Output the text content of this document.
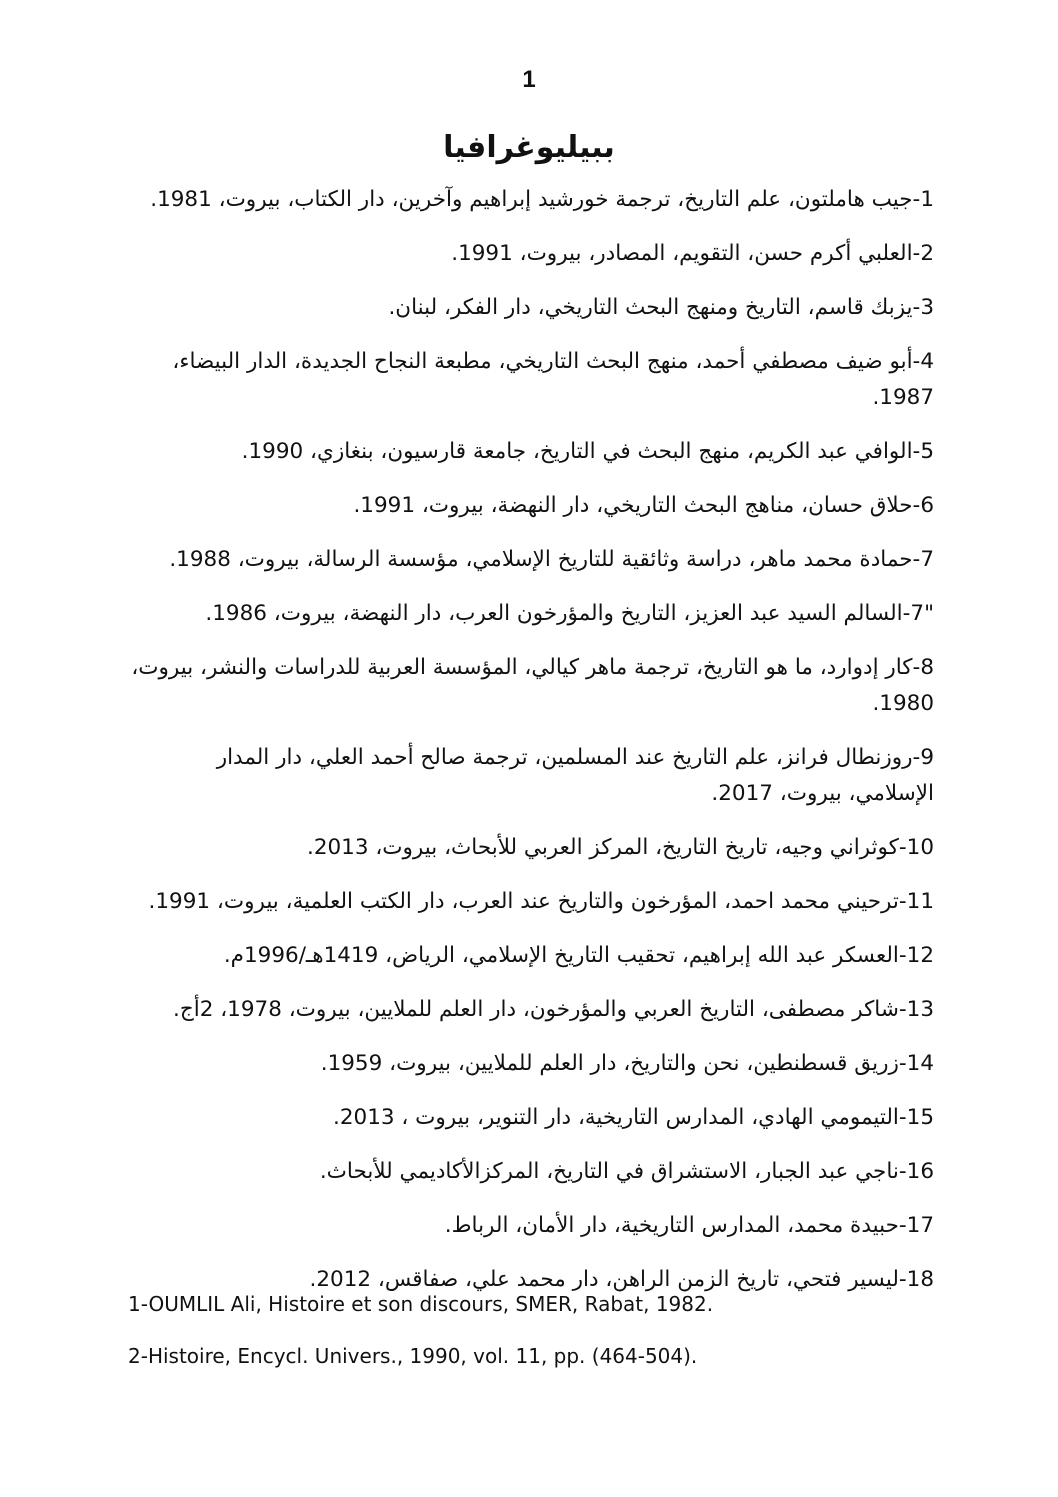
1
ببيليوغرافيا
1-جيب هاملتون، علم التاريخ، ترجمة خورشيد إبراهيم وآخرين، دار الكتاب، بيروت، 1981.
2-العلبي أكرم حسن، التقويم، المصادر، بيروت، 1991.
3-يزبك قاسم، التاريخ ومنهج البحث التاريخي، دار الفكر، لبنان.
4-أبو ضيف مصطفي أحمد، منهج البحث التاريخي، مطبعة النجاح الجديدة، الدار البيضاء، 1987.
5-الوافي عبد الكريم، منهج البحث في التاريخ، جامعة قارسيون، بنغازي، 1990.
6-حلاق حسان، مناهج البحث التاريخي، دار النهضة، بيروت، 1991.
7-حمادة محمد ماهر، دراسة وثائقية للتاريخ الإسلامي، مؤسسة الرسالة، بيروت، 1988.
"7-السالم السيد عبد العزيز، التاريخ والمؤرخون العرب، دار النهضة، بيروت، 1986.
8-كار إدوارد، ما هو التاريخ، ترجمة ماهر كيالي، المؤسسة العربية للدراسات والنشر، بيروت، 1980.
9-روزنطال فرانز، علم التاريخ عند المسلمين، ترجمة صالح أحمد العلي، دار المدار الإسلامي، بيروت، 2017.
10-كوثراني وجيه، تاريخ التاريخ، المركز العربي للأبحاث، بيروت، 2013.
11-ترحيني محمد احمد، المؤرخون والتاريخ عند العرب، دار الكتب العلمية، بيروت، 1991.
12-العسكر عبد الله إبراهيم، تحقيب التاريخ الإسلامي، الرياض، 1419هـ/1996م.
13-شاكر مصطفى، التاريخ العربي والمؤرخون، دار العلم للملايين، بيروت، 1978، 2أج.
14-زريق قسطنطين، نحن والتاريخ، دار العلم للملايين، بيروت، 1959.
15-التيمومي الهادي، المدارس التاريخية، دار التنوير، بيروت ، 2013.
16-ناجي عبد الجبار، الاستشراق في التاريخ، المركزالأكاديمي للأبحاث.
17-حبيدة محمد، المدارس التاريخية، دار الأمان، الرباط.
18-ليسير فتحي، تاريخ الزمن الراهن، دار محمد علي، صفاقس، 2012.
1-OUMLIL Ali, Histoire et son discours, SMER, Rabat, 1982.
2-Histoire, Encycl. Univers., 1990, vol. 11, pp. (464-504).
